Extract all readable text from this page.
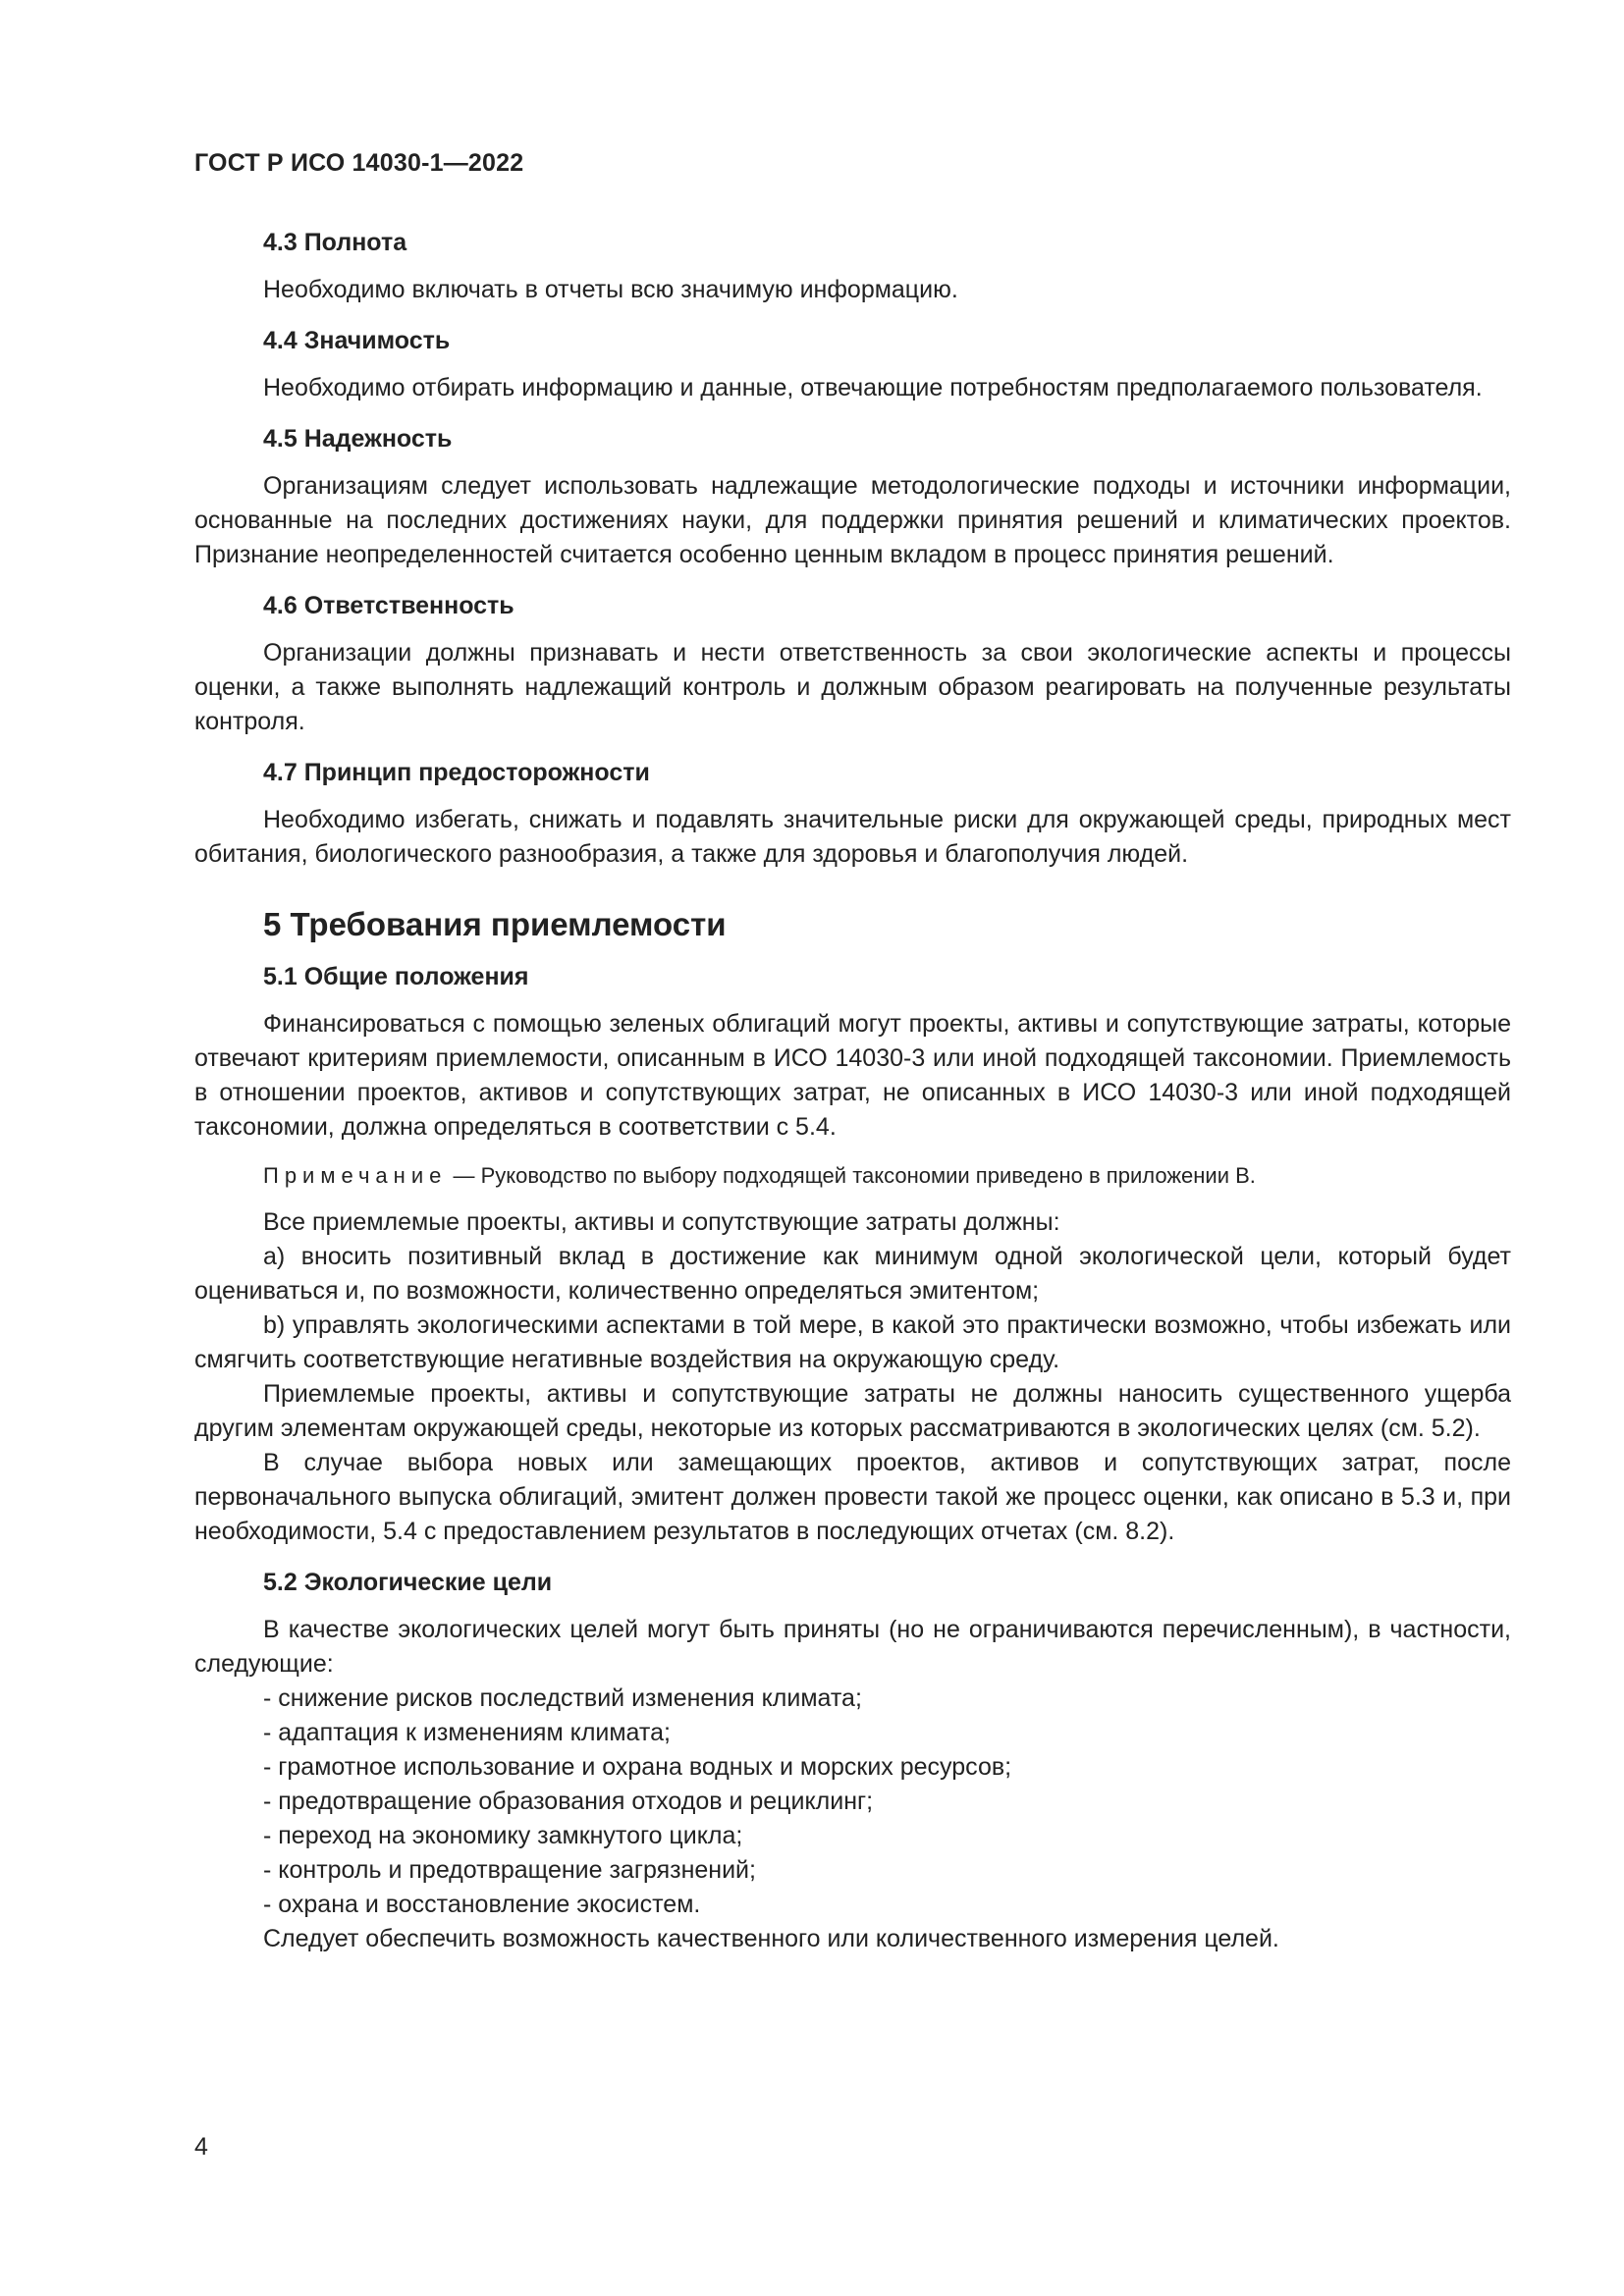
ГОСТ Р ИСО 14030-1—2022
4.3 Полнота
Необходимо включать в отчеты всю значимую информацию.
4.4 Значимость
Необходимо отбирать информацию и данные, отвечающие потребностям предполагаемого пользователя.
4.5 Надежность
Организациям следует использовать надлежащие методологические подходы и источники информации, основанные на последних достижениях науки, для поддержки принятия решений и климатических проектов. Признание неопределенностей считается особенно ценным вкладом в процесс принятия решений.
4.6 Ответственность
Организации должны признавать и нести ответственность за свои экологические аспекты и процессы оценки, а также выполнять надлежащий контроль и должным образом реагировать на полученные результаты контроля.
4.7 Принцип предосторожности
Необходимо избегать, снижать и подавлять значительные риски для окружающей среды, природных мест обитания, биологического разнообразия, а также для здоровья и благополучия людей.
5 Требования приемлемости
5.1 Общие положения
Финансироваться с помощью зеленых облигаций могут проекты, активы и сопутствующие затраты, которые отвечают критериям приемлемости, описанным в ИСО 14030-3 или иной подходящей таксономии. Приемлемость в отношении проектов, активов и сопутствующих затрат, не описанных в ИСО 14030-3 или иной подходящей таксономии, должна определяться в соответствии с 5.4.
Примечание — Руководство по выбору подходящей таксономии приведено в приложении В.
Все приемлемые проекты, активы и сопутствующие затраты должны:
а) вносить позитивный вклад в достижение как минимум одной экологической цели, который будет оцениваться и, по возможности, количественно определяться эмитентом;
b) управлять экологическими аспектами в той мере, в какой это практически возможно, чтобы избежать или смягчить соответствующие негативные воздействия на окружающую среду.
Приемлемые проекты, активы и сопутствующие затраты не должны наносить существенного ущерба другим элементам окружающей среды, некоторые из которых рассматриваются в экологических целях (см. 5.2).
В случае выбора новых или замещающих проектов, активов и сопутствующих затрат, после первоначального выпуска облигаций, эмитент должен провести такой же процесс оценки, как описано в 5.3 и, при необходимости, 5.4 с предоставлением результатов в последующих отчетах (см. 8.2).
5.2 Экологические цели
В качестве экологических целей могут быть приняты (но не ограничиваются перечисленным), в частности, следующие:
- снижение рисков последствий изменения климата;
- адаптация к изменениям климата;
- грамотное использование и охрана водных и морских ресурсов;
- предотвращение образования отходов и рециклинг;
- переход на экономику замкнутого цикла;
- контроль и предотвращение загрязнений;
- охрана и восстановление экосистем.
Следует обеспечить возможность качественного или количественного измерения целей.
4
